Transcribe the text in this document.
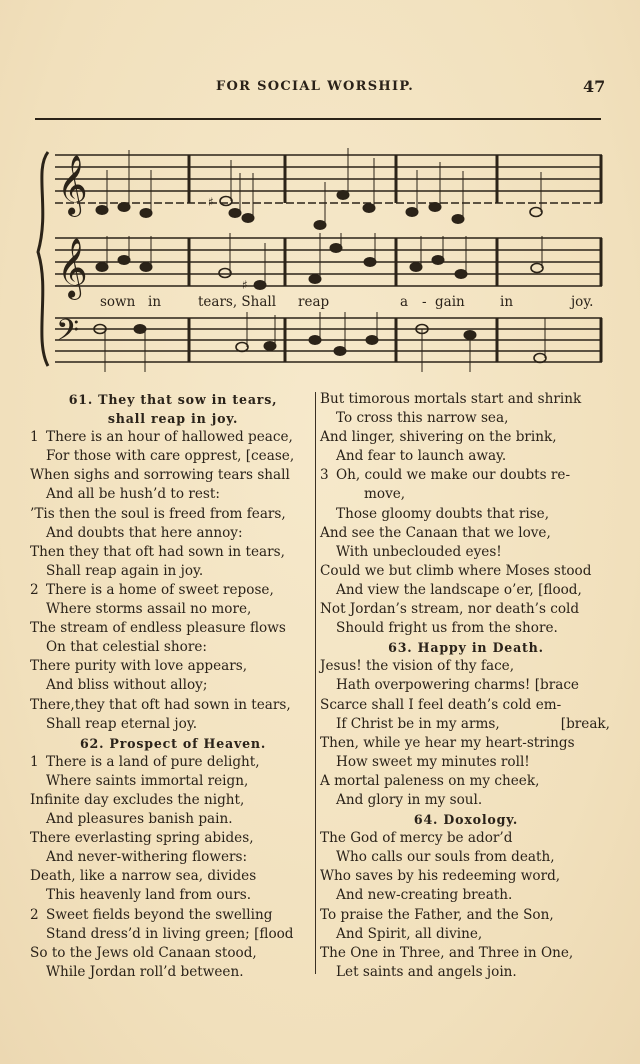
FOR SOCIAL WORSHIP.	47
𝄞
𝄞
𝄢
♯
♯
sown in	tears, Shall reap	a - gain	in	joy.
61. They that sow in tears,
shall reap in joy.
1 There is an hour of hallowed peace,
For those with care opprest, [cease,
When sighs and sorrowing tears shall
And all be hush’d to rest:
’Tis then the soul is freed from fears,
And doubts that here annoy:
Then they that oft had sown in tears,
Shall reap again in joy.
2 There is a home of sweet repose,
Where storms assail no more,
The stream of endless pleasure flows
On that celestial shore:
There purity with love appears,
And bliss without alloy;
There,they that oft had sown in tears,
Shall reap eternal joy.
62. Prospect of Heaven.
1 There is a land of pure delight,
Where saints immortal reign,
Infinite day excludes the night,
And pleasures banish pain.
There everlasting spring abides,
And never-withering flowers:
Death, like a narrow sea, divides
This heavenly land from ours.
2 Sweet fields beyond the swelling
Stand dress’d in living green; [flood
So to the Jews old Canaan stood,
While Jordan roll’d between.
But timorous mortals start and shrink
To cross this narrow sea,
And linger, shivering on the brink,
And fear to launch away.
3 Oh, could we make our doubts re-
move,
Those gloomy doubts that rise,
And see the Canaan that we love,
With unbeclouded eyes!
Could we but climb where Moses stood
And view the landscape o’er, [flood,
Not Jordan’s stream, nor death’s cold
Should fright us from the shore.
63. Happy in Death.
Jesus! the vision of thy face,
Hath overpowering charms! [brace
Scarce shall I feel death’s cold em-
If Christ be in my arms,	[break,
Then, while ye hear my heart-strings
How sweet my minutes roll!
A mortal paleness on my cheek,
And glory in my soul.
64. Doxology.
The God of mercy be ador’d
Who calls our souls from death,
Who saves by his redeeming word,
And new-creating breath.
To praise the Father, and the Son,
And Spirit, all divine,
The One in Three, and Three in One,
Let saints and angels join.
